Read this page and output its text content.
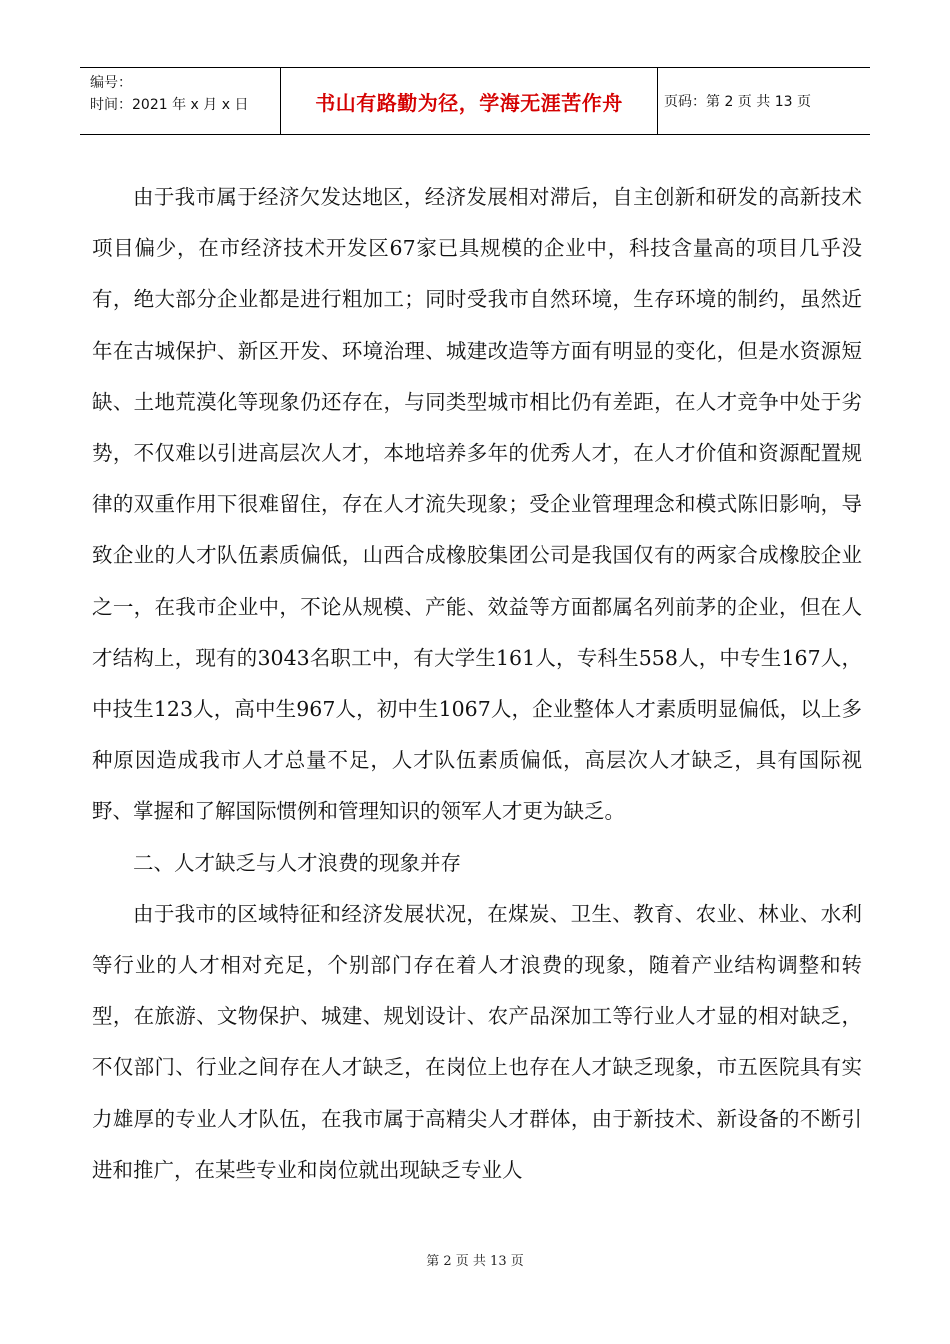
编号：
时间：2021 年 x 月 x 日	书山有路勤为径，学海无涯苦作舟	页码：第 2 页 共 13 页

由于我市属于经济欠发达地区，经济发展相对滞后，自主创新和研发的高新技术项目偏少，在市经济技术开发区67家已具规模的企业中，科技含量高的项目几乎没有，绝大部分企业都是进行粗加工；同时受我市自然环境，生存环境的制约，虽然近年在古城保护、新区开发、环境治理、城建改造等方面有明显的变化，但是水资源短缺、土地荒漠化等现象仍还存在，与同类型城市相比仍有差距，在人才竞争中处于劣势，不仅难以引进高层次人才，本地培养多年的优秀人才，在人才价值和资源配置规律的双重作用下很难留住，存在人才流失现象；受企业管理理念和模式陈旧影响，导致企业的人才队伍素质偏低，山西合成橡胶集团公司是我国仅有的两家合成橡胶企业之一，在我市企业中，不论从规模、产能、效益等方面都属名列前茅的企业，但在人才结构上，现有的3043名职工中，有大学生161人，专科生558人，中专生167人，中技生123人，高中生967人，初中生1067人，企业整体人才素质明显偏低，以上多种原因造成我市人才总量不足，人才队伍素质偏低，高层次人才缺乏，具有国际视野、掌握和了解国际惯例和管理知识的领军人才更为缺乏。

二、人才缺乏与人才浪费的现象并存

由于我市的区域特征和经济发展状况，在煤炭、卫生、教育、农业、林业、水利等行业的人才相对充足，个别部门存在着人才浪费的现象，随着产业结构调整和转型，在旅游、文物保护、城建、规划设计、农产品深加工等行业人才显的相对缺乏，不仅部门、行业之间存在人才缺乏，在岗位上也存在人才缺乏现象，市五医院具有实力雄厚的专业人才队伍，在我市属于高精尖人才群体，由于新技术、新设备的不断引进和推广，在某些专业和岗位就出现缺乏专业人

第 2 页 共 13 页
